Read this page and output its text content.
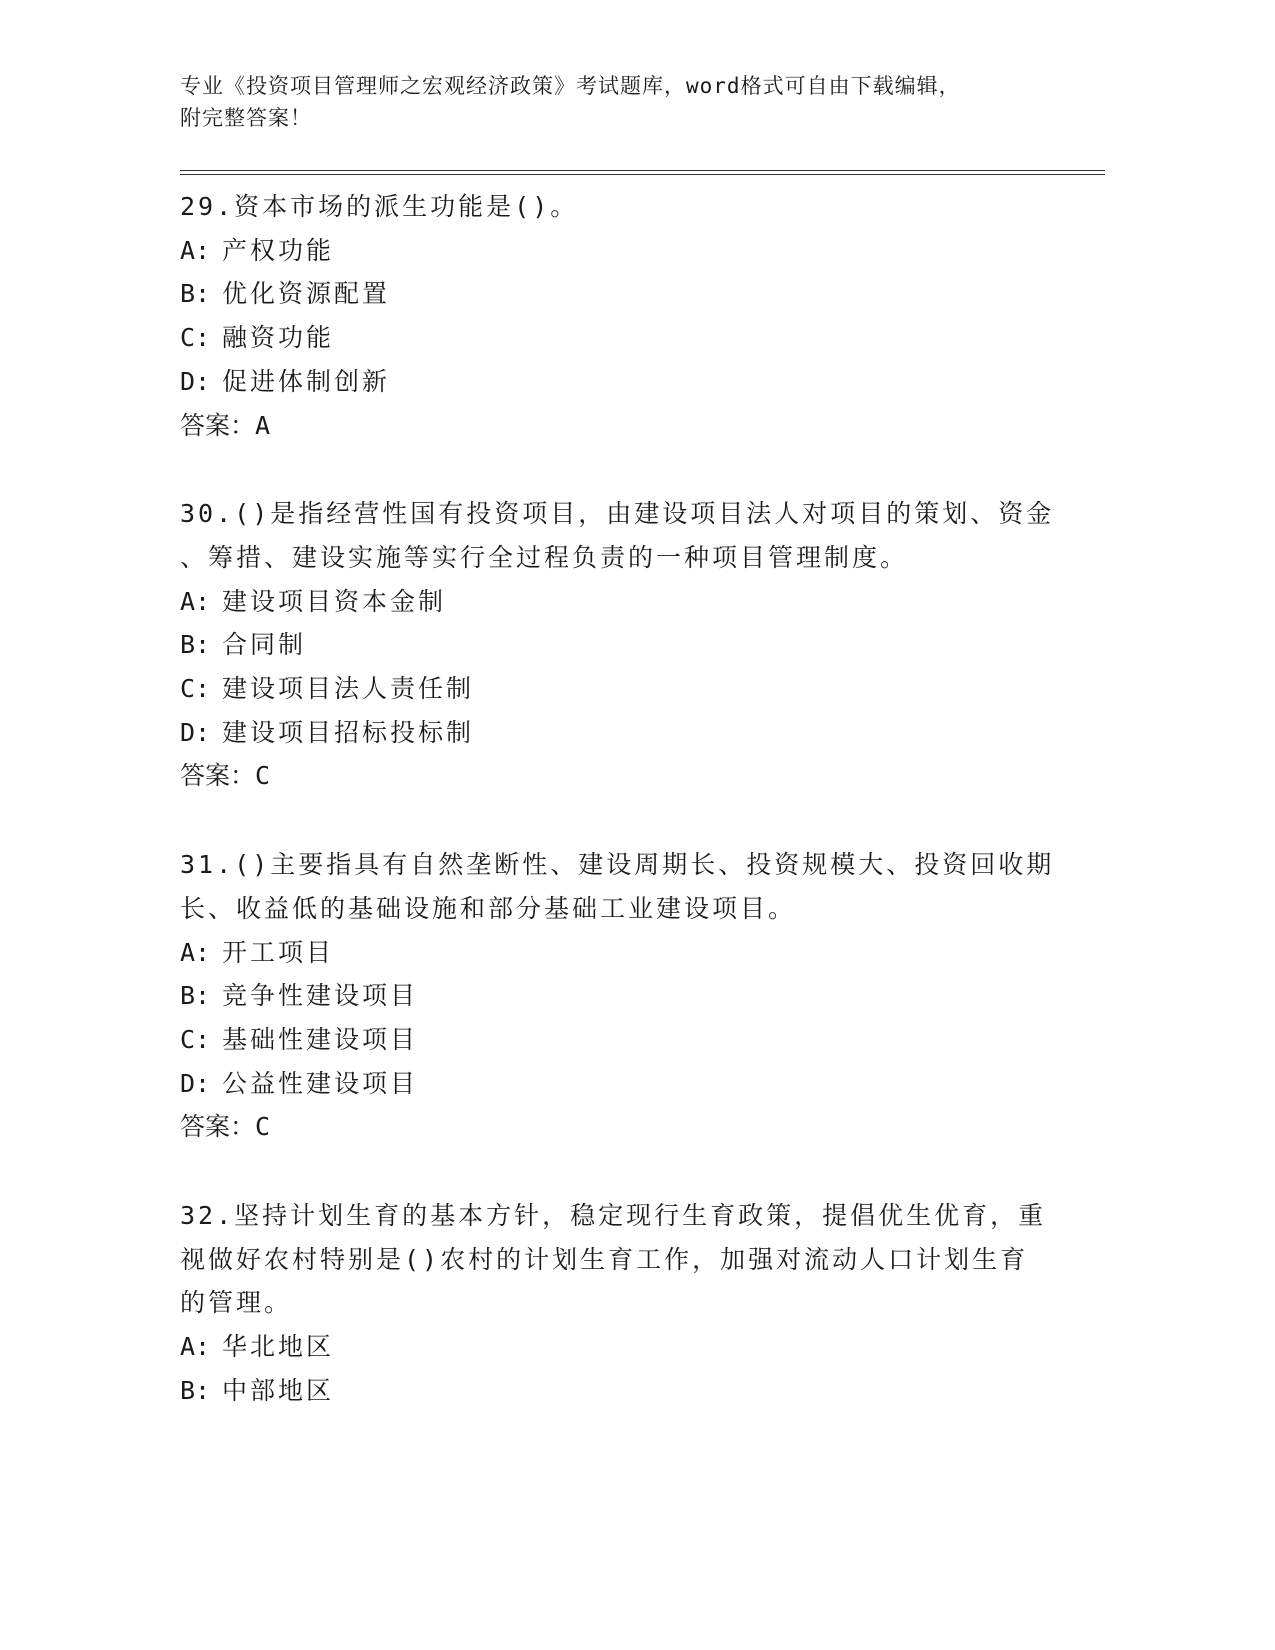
专业《投资项目管理师之宏观经济政策》考试题库，word格式可自由下载编辑，

附完整答案！

29.资本市场的派生功能是()。

A: 产权功能

B: 优化资源配置

C: 融资功能

D: 促进体制创新

答案：A

30.()是指经营性国有投资项目，由建设项目法人对项目的策划、资金

、筹措、建设实施等实行全过程负责的一种项目管理制度。

A: 建设项目资本金制

B: 合同制

C: 建设项目法人责任制

D: 建设项目招标投标制

答案：C

31.()主要指具有自然垄断性、建设周期长、投资规模大、投资回收期

长、收益低的基础设施和部分基础工业建设项目。

A: 开工项目

B: 竞争性建设项目

C: 基础性建设项目

D: 公益性建设项目

答案：C

32.坚持计划生育的基本方针，稳定现行生育政策，提倡优生优育，重

视做好农村特别是()农村的计划生育工作，加强对流动人口计划生育

的管理。

A: 华北地区

B: 中部地区
